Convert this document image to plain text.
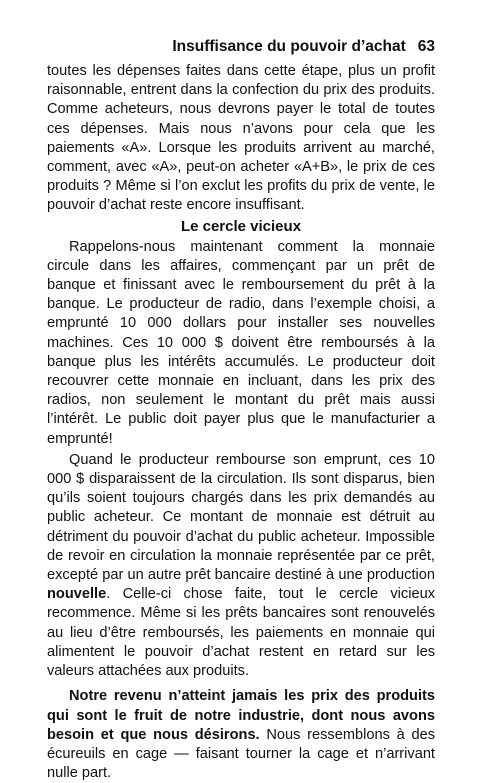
Insuffisance du pouvoir d’achat 63

toutes les dépenses faites dans cette étape, plus un profit raisonnable, entrent dans la confection du prix des produits. Comme acheteurs, nous devrons payer le total de toutes ces dépenses. Mais nous n’avons pour cela que les paiements «A». Lorsque les produits arrivent au marché, comment, avec «A», peut-on acheter «A+B», le prix de ces produits ? Même si l’on exclut les profits du prix de vente, le pouvoir d’achat reste encore insuffisant.

Le cercle vicieux

Rappelons-nous maintenant comment la monnaie circule dans les affaires, commençant par un prêt de banque et finissant avec le remboursement du prêt à la banque. Le producteur de radio, dans l’exemple choisi, a emprunté 10 000 dollars pour installer ses nouvelles machines. Ces 10 000 $ doivent être remboursés à la banque plus les intérêts accumulés. Le producteur doit recouvrer cette monnaie en incluant, dans les prix des radios, non seulement le montant du prêt mais aussi l’intérêt. Le public doit payer plus que le manufacturier a emprunté!

Quand le producteur rembourse son emprunt, ces 10 000 $ disparaissent de la circulation. Ils sont disparus, bien qu’ils soient toujours chargés dans les prix demandés au public acheteur. Ce montant de monnaie est détruit au détriment du pouvoir d’achat du public acheteur. Impossible de revoir en circulation la monnaie représentée par ce prêt, excepté par un autre prêt bancaire destiné à une production nouvelle. Celle-ci chose faite, tout le cercle vicieux recommence. Même si les prêts bancaires sont renouvelés au lieu d’être remboursés, les paiements en monnaie qui alimentent le pouvoir d’achat restent en retard sur les valeurs attachées aux produits.

Notre revenu n’atteint jamais les prix des produits qui sont le fruit de notre industrie, dont nous avons besoin et que nous désirons. Nous ressemblons à des écureuils en cage — faisant tourner la cage et n’arrivant nulle part.
